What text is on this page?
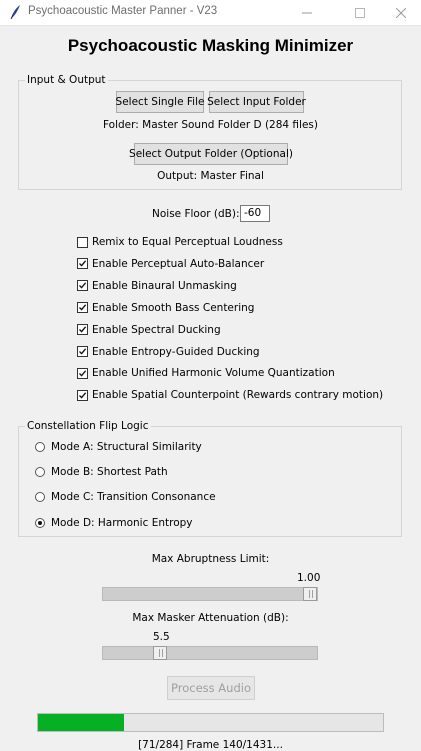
Psychoacoustic Master Panner - V23
Psychoacoustic Masking Minimizer
Input & Output
Select Single File Select Input Folder
Folder: Master Sound Folder D (284 files)
Select Output Folder (Optional)
Output: Master Final
Noise Floor (dB): -60
Remix to Equal Perceptual Loudness
Enable Perceptual Auto-Balancer
Enable Binaural Unmasking
Enable Smooth Bass Centering
Enable Spectral Ducking
Enable Entropy-Guided Ducking
Enable Unified Harmonic Volume Quantization
Enable Spatial Counterpoint (Rewards contrary motion)
Constellation Flip Logic
Mode A: Structural Similarity
Mode B: Shortest Path
Mode C: Transition Consonance
Mode D: Harmonic Entropy
Max Abruptness Limit:
1.00
Max Masker Attenuation (dB):
5.5
Process Audio
[71/284] Frame 140/1431...
